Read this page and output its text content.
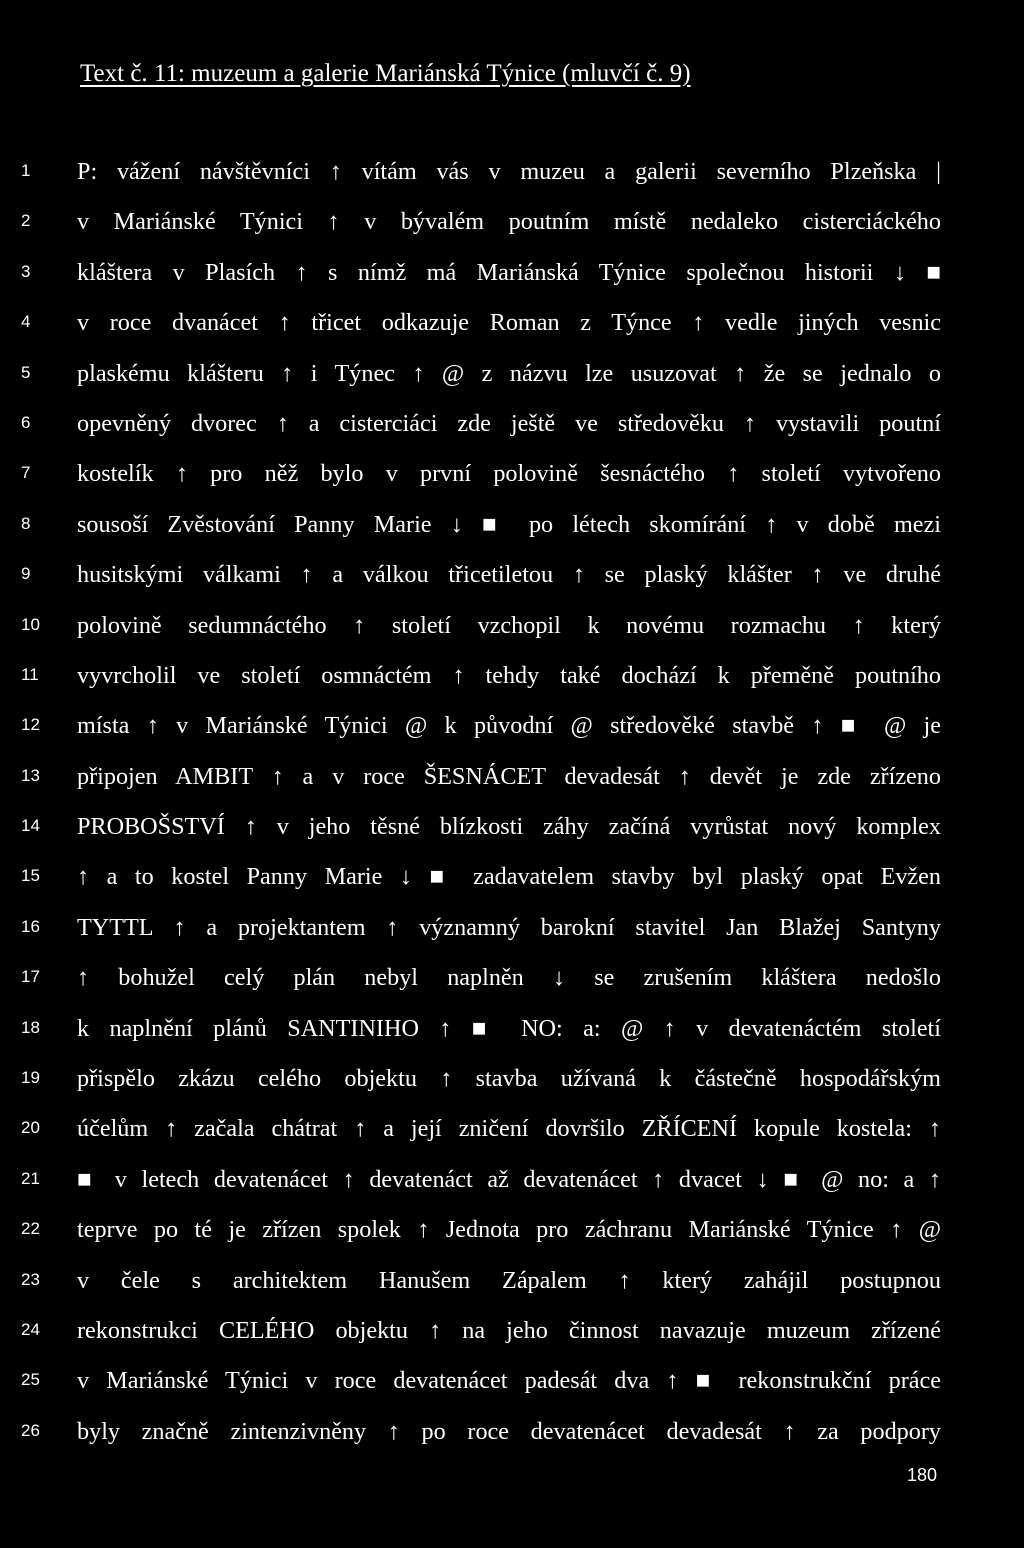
Text č. 11: muzeum a galerie Mariánská Týnice (mluvčí č. 9)
1	P: vážení návštěvníci ↑ vítám vás v muzeu a galerii severního Plzeňska |
2	v Mariánské Týnici ↑ v bývalém poutním místě nedaleko cisterciáckého
3	kláštera v Plasích ↑ s nímž má Mariánská Týnice společnou historii ↓ ■
4	v roce dvanácet ↑ třicet odkazuje Roman z Týnce ↑ vedle jiných vesnic
5	plaskému klášteru ↑ i Týnec ↑ @ z názvu lze usuzovat ↑ že se jednalo o
6	opevněný dvorec ↑ a cisterciáci zde ještě ve středověku ↑ vystavili poutní
7	kostelík ↑ pro něž bylo v první polovině šesnáctého ↑ století vytvořeno
8	sousoší Zvěstování Panny Marie ↓ ■ po létech skomírání ↑ v době mezi
9	husitskými válkami ↑ a válkou třicetiletou ↑ se plaský klášter ↑ ve druhé
10	polovině sedumnáctého ↑ století vzchopil k novému rozmachu ↑ který
11	vyvrcholil ve století osmnáctém ↑ tehdy také dochází k přeměně poutního
12	místa ↑ v Mariánské Týnici @ k původní @ středověké stavbě ↑ ■ @ je
13	připojen AMBIT ↑ a v roce ŠESNÁCET devadesát ↑ devět je zde zřízeno
14	PROBOŠSTVÍ ↑ v jeho těsné blízkosti záhy začíná vyrůstat nový komplex
15	↑ a to kostel Panny Marie ↓ ■ zadavatelem stavby byl plaský opat Evžen
16	TYTTL ↑ a projektantem ↑ významný barokní stavitel Jan Blažej Santyny
17	↑ bohužel celý plán nebyl naplněn ↓ se zrušením kláštera nedošlo
18	k naplnění plánů SANTINIHO ↑ ■ NO: a: @ ↑ v devatenáctém století
19	přispělo zkázu celého objektu ↑ stavba užívaná k částečně hospodářským
20	účelům ↑ začala chátrat ↑ a její zničení dovršilo ZŘÍCENÍ kopule kostela: ↑
21	■ v letech devatenácet ↑ devatenáct až devatenácet ↑ dvacet ↓ ■ @ no: a ↑
22	teprve po té je zřízen spolek ↑ Jednota pro záchranu Mariánské Týnice ↑ @
23	v čele s architektem Hanušem Zápalem ↑ který zahájil postupnou
24	rekonstrukci CELÉHO objektu ↑ na jeho činnost navazuje muzeum zřízené
25	v Mariánské Týnici v roce devatenácet padesát dva ↑ ■ rekonstrukční práce
26	byly značně zintenzivněny ↑ po roce devatenácet devadesát ↑ za podpory
180
